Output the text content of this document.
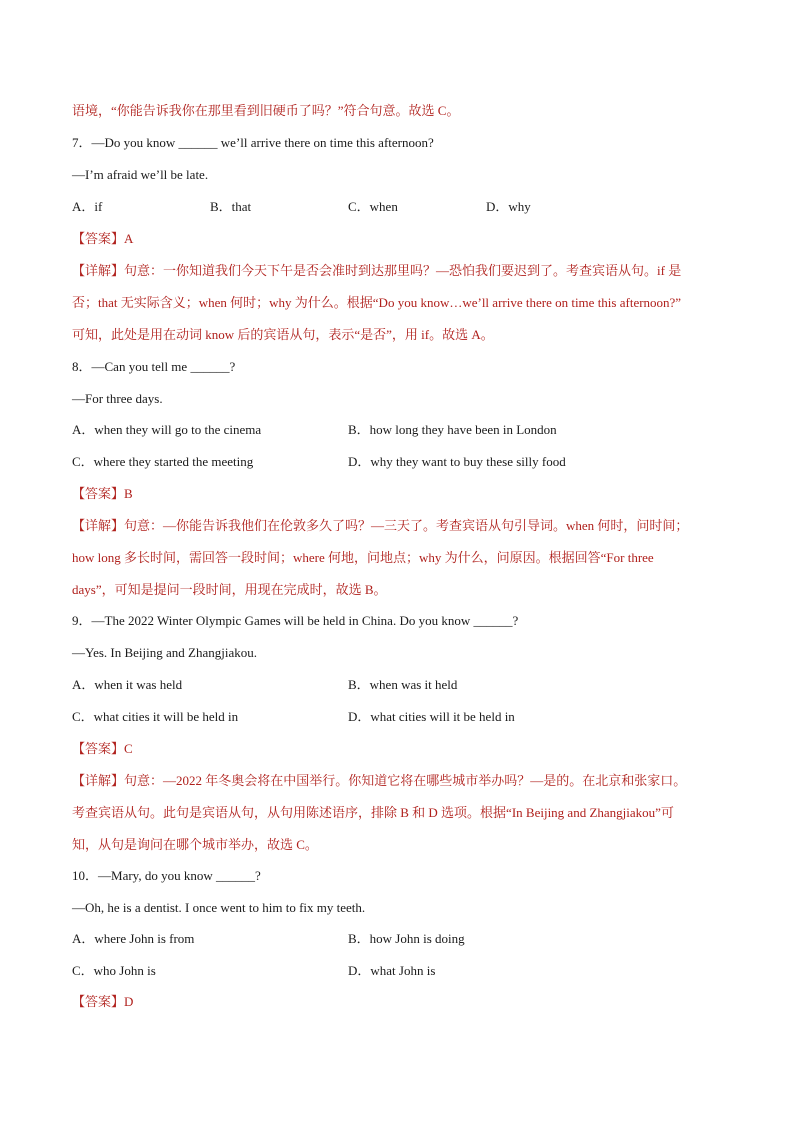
语境，“你能告诉我你在那里看到旧硬币了吗？”符合句意。故选 C。
7．—Do you know ______ we’ll arrive there on time this afternoon?
—I’m afraid we’ll be late.
A．if	B．that	C．when	D．why
【答案】A
【详解】句意：一你知道我们今天下午是否会准时到达那里吗？—恐怕我们要迟到了。考查宾语从句。if 是
否；that 无实际含义；when 何时；why 为什么。根据“Do you know…we’ll arrive there on time this afternoon?”
可知，此处是用在动词 know 后的宾语从句，表示“是否”，用 if。故选 A。
8．—Can you tell me ______?
—For three days.
A．when they will go to the cinema	B．how long they have been in London
C．where they started the meeting	D．why they want to buy these silly food
【答案】B
【详解】句意：—你能告诉我他们在伦敦多久了吗？—三天了。考查宾语从句引导词。when 何时，问时间；
how long 多长时间，需回答一段时间；where 何地，问地点；why 为什么，问原因。根据回答“For three
days”，可知是提问一段时间，用现在完成时，故选 B。
9．—The 2022 Winter Olympic Games will be held in China. Do you know ______?
—Yes. In Beijing and Zhangjiakou.
A．when it was held	B．when was it held
C．what cities it will be held in	D．what cities will it be held in
【答案】C
【详解】句意：—2022 年冬奥会将在中国举行。你知道它将在哪些城市举办吗？—是的。在北京和张家口。
考查宾语从句。此句是宾语从句，从句用陈述语序，排除 B 和 D 选项。根据“In Beijing and Zhangjiakou”可
知，从句是询问在哪个城市举办，故选 C。
10．—Mary, do you know ______?
—Oh, he is a dentist. I once went to him to fix my teeth.
A．where John is from	B．how John is doing
C．who John is	D．what John is
【答案】D
